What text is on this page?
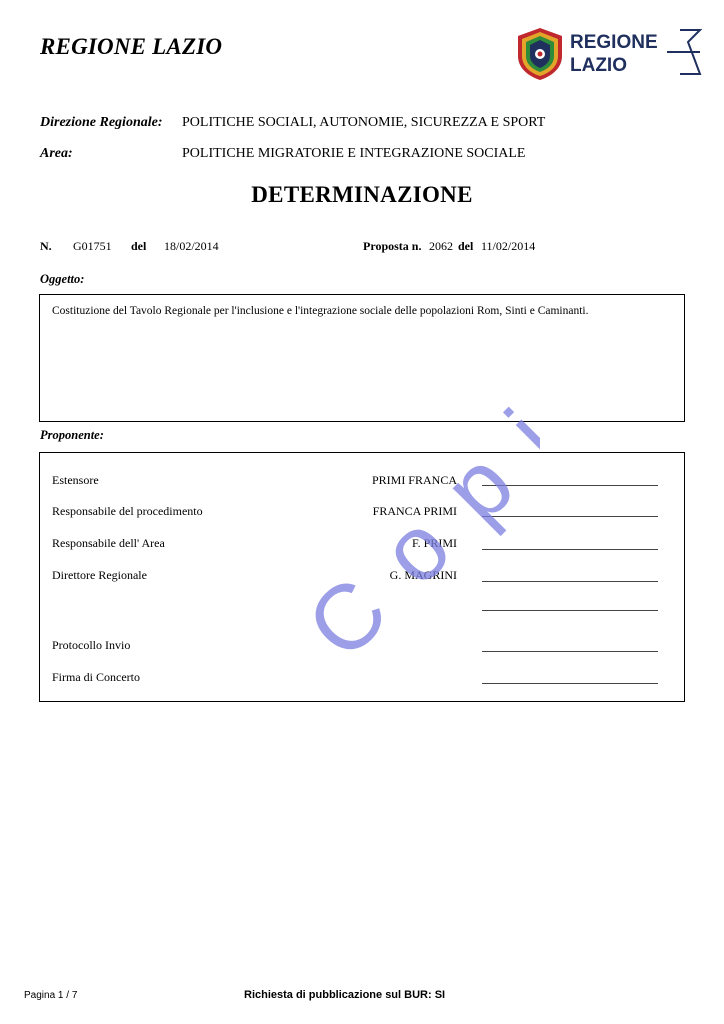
REGIONE LAZIO	REGIONE
LAZIO
Direzione Regionale: POLITICHE SOCIALI, AUTONOMIE, SICUREZZA E SPORT
Area:	POLITICHE MIGRATORIE E INTEGRAZIONE SOCIALE
DETERMINAZIONE
N. G01751 del 18/02/2014	Proposta n. 2062 del 11/02/2014
Oggetto:
Costituzione del Tavolo Regionale per l'inclusione e l'integrazione sociale delle popolazioni Rom, Sinti e Caminanti.
Proponente:
Estensore	PRIMI FRANCA
Responsabile del procedimento	FRANCA PRIMI
Responsabile dell' Area	F. PRIMI
Direttore Regionale	G. MAGRINI
Protocollo Invio
Firma di Concerto Copia
Pagina 1 / 7	Richiesta di pubblicazione sul BUR: SI
